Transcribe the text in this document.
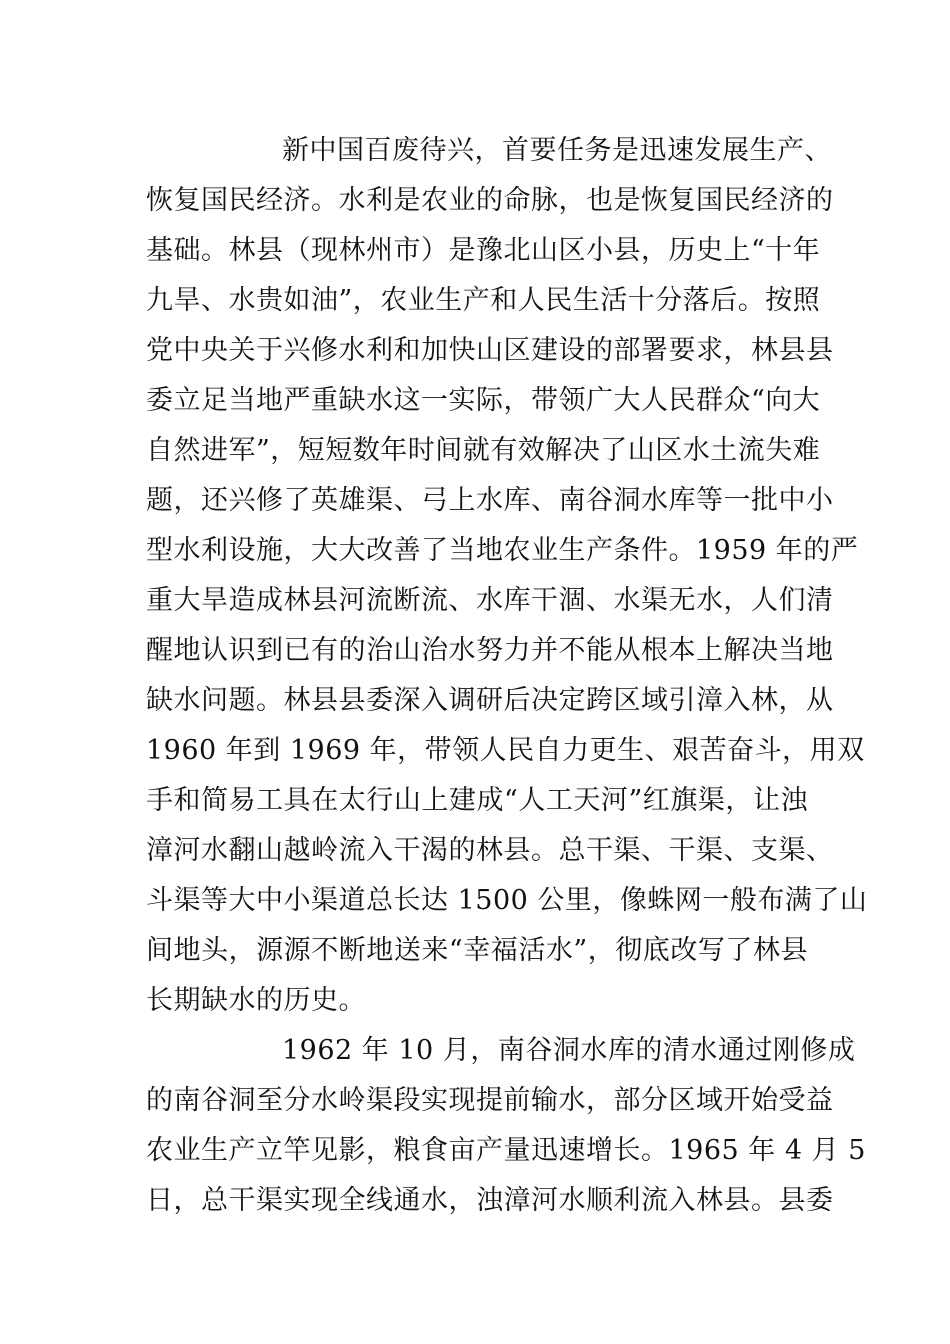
新中国百废待兴，首要任务是迅速发展生产、
恢复国民经济。水利是农业的命脉，也是恢复国民经济的
基础。林县（现林州市）是豫北山区小县，历史上“十年
九旱、水贵如油”，农业生产和人民生活十分落后。按照
党中央关于兴修水利和加快山区建设的部署要求，林县县
委立足当地严重缺水这一实际，带领广大人民群众“向大
自然进军”，短短数年时间就有效解决了山区水土流失难
题，还兴修了英雄渠、弓上水库、南谷洞水库等一批中小
型水利设施，大大改善了当地农业生产条件。1959 年的严
重大旱造成林县河流断流、水库干涸、水渠无水，人们清
醒地认识到已有的治山治水努力并不能从根本上解决当地
缺水问题。林县县委深入调研后决定跨区域引漳入林，从
1960 年到 1969 年，带领人民自力更生、艰苦奋斗，用双
手和简易工具在太行山上建成“人工天河”红旗渠，让浊
漳河水翻山越岭流入干渴的林县。总干渠、干渠、支渠、
斗渠等大中小渠道总长达 1500 公里，像蛛网一般布满了山
间地头，源源不断地送来“幸福活水”，彻底改写了林县
长期缺水的历史。
1962 年 10 月，南谷洞水库的清水通过刚修成
的南谷洞至分水岭渠段实现提前输水，部分区域开始受益
农业生产立竿见影，粮食亩产量迅速增长。1965 年 4 月 5
日，总干渠实现全线通水，浊漳河水顺利流入林县。县委
